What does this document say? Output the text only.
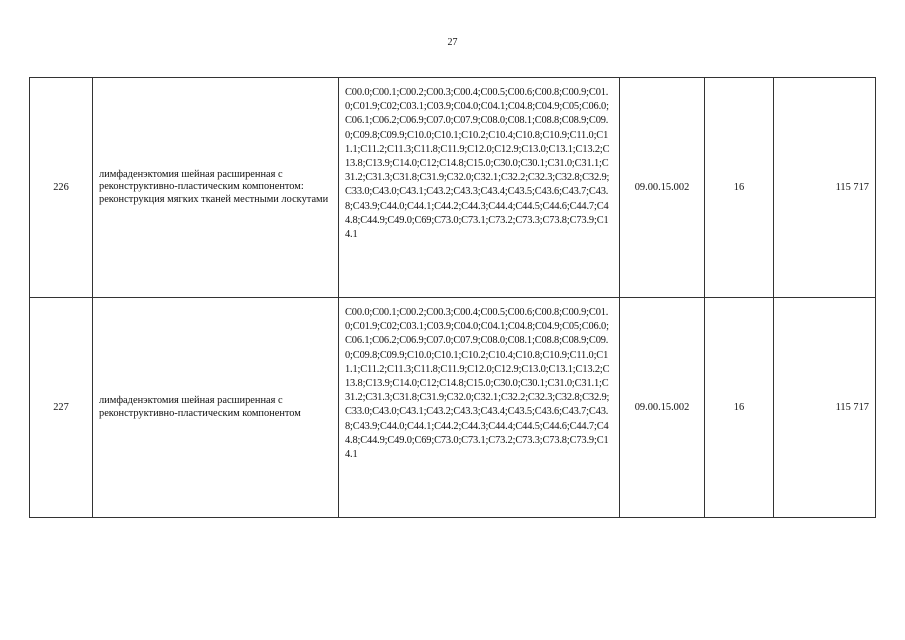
27
226	лимфаденэктомия шейная расширенная с реконструктивно-пластическим компонентом: реконструкция мягких тканей местными лоскутами	C00.0;C00.1;C00.2;C00.3;C00.4;C00.5;C00.6;C00.8;C00.9;C01.0;C01.9;C02;C03.1;C03.9;C04.0;C04.1;C04.8;C04.9;C05;C06.0;C06.1;C06.2;C06.9;C07.0;C07.9;C08.0;C08.1;C08.8;C08.9;C09.0;C09.8;C09.9;C10.0;C10.1;C10.2;C10.4;C10.8;C10.9;C11.0;C11.1;C11.2;C11.3;C11.8;C11.9;C12.0;C12.9;C13.0;C13.1;C13.2;C13.8;C13.9;C14.0;C12;C14.8;C15.0;C30.0;C30.1;C31.0;C31.1;C31.2;C31.3;C31.8;C31.9;C32.0;C32.1;C32.2;C32.3;C32.8;C32.9;C33.0;C43.0;C43.1;C43.2;C43.3;C43.4;C43.5;C43.6;C43.7;C43.8;C43.9;C44.0;C44.1;C44.2;C44.3;C44.4;C44.5;C44.6;C44.7;C44.8;C44.9;C49.0;C69;C73.0;C73.1;C73.2;C73.3;C73.8;C73.9;C14.1	09.00.15.002	16	115 717
227	лимфаденэктомия шейная расширенная с реконструктивно-пластическим компонентом	C00.0;C00.1;C00.2;C00.3;C00.4;C00.5;C00.6;C00.8;C00.9;C01.0;C01.9;C02;C03.1;C03.9;C04.0;C04.1;C04.8;C04.9;C05;C06.0;C06.1;C06.2;C06.9;C07.0;C07.9;C08.0;C08.1;C08.8;C08.9;C09.0;C09.8;C09.9;C10.0;C10.1;C10.2;C10.4;C10.8;C10.9;C11.0;C11.1;C11.2;C11.3;C11.8;C11.9;C12.0;C12.9;C13.0;C13.1;C13.2;C13.8;C13.9;C14.0;C12;C14.8;C15.0;C30.0;C30.1;C31.0;C31.1;C31.2;C31.3;C31.8;C31.9;C32.0;C32.1;C32.2;C32.3;C32.8;C32.9;C33.0;C43.0;C43.1;C43.2;C43.3;C43.4;C43.5;C43.6;C43.7;C43.8;C43.9;C44.0;C44.1;C44.2;C44.3;C44.4;C44.5;C44.6;C44.7;C44.8;C44.9;C49.0;C69;C73.0;C73.1;C73.2;C73.3;C73.8;C73.9;C14.1	09.00.15.002	16	115 717
